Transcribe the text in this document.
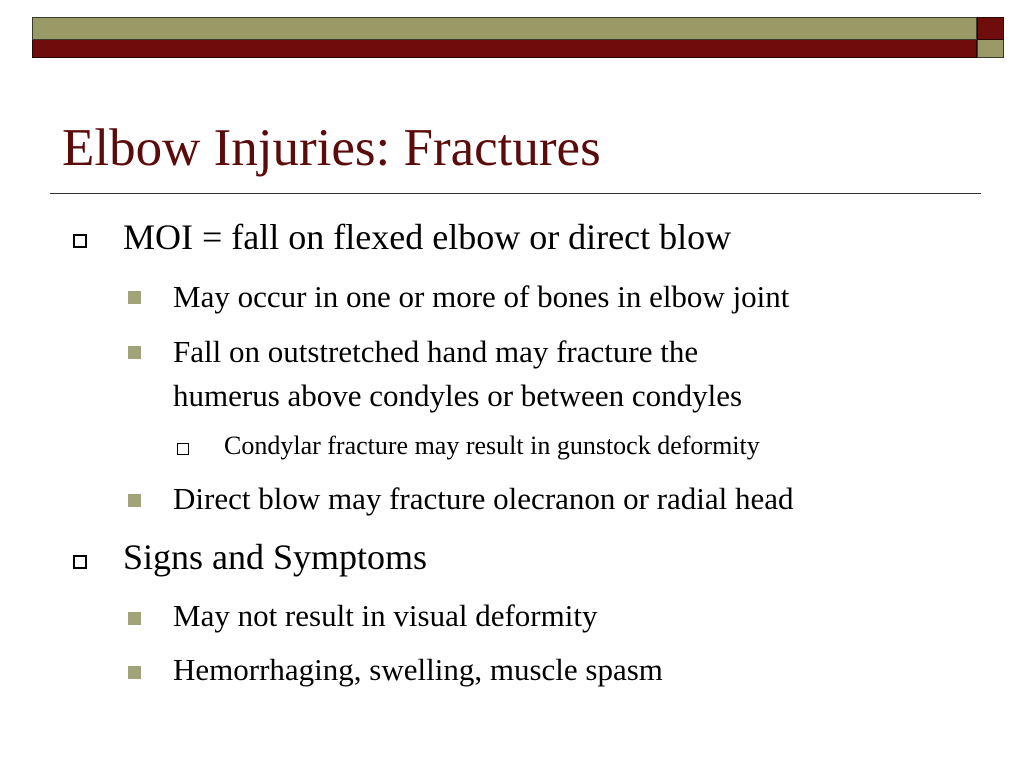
Elbow Injuries: Fractures
MOI = fall on flexed elbow or direct blow
May occur in one or more of bones in elbow joint
Fall on outstretched hand may fracture the
humerus above condyles or between condyles
Condylar fracture may result in gunstock deformity
Direct blow may fracture olecranon or radial head
Signs and Symptoms
May not result in visual deformity
Hemorrhaging, swelling, muscle spasm
